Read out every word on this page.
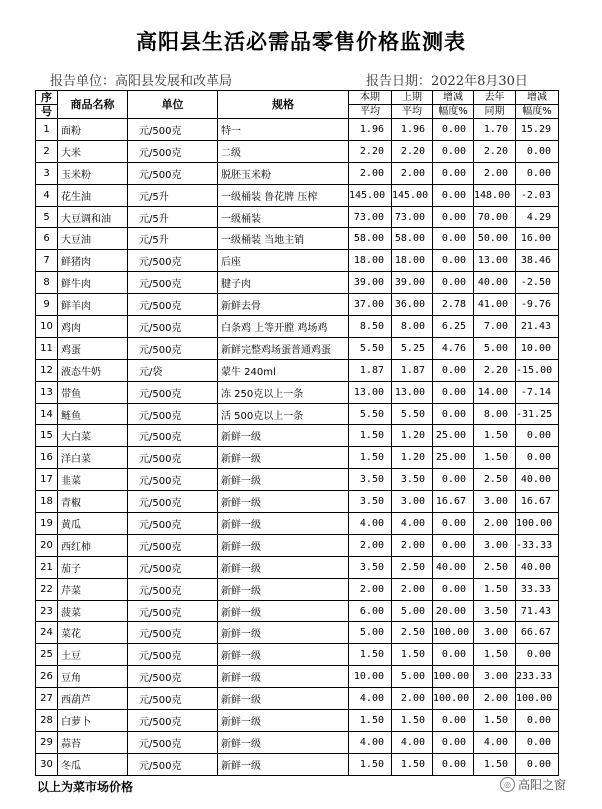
高阳县生活必需品零售价格监测表
报告单位：高阳县发展和改革局	报告日期：2022年8月30日
序	商品名称	单位	规格	本期	上期	增减	去年	增减
号				平均	平均	幅度%	同期	幅度%
1	面粉	元/500克	特一	1.96	1.96	0.00	1.70	15.29
2	大米	元/500克	二级	2.20	2.20	0.00	2.20	0.00
3	玉米粉	元/500克	脱胚玉米粉	2.00	2.00	0.00	2.00	0.00
4	花生油	元/5升	一级桶装 鲁花牌 压榨	145.00	145.00	0.00	148.00	-2.03
5	大豆调和油	元/5升	一级桶装	73.00	73.00	0.00	70.00	4.29
6	大豆油	元/5升	一级桶装 当地主销	58.00	58.00	0.00	50.00	16.00
7	鲜猪肉	元/500克	后座	18.00	18.00	0.00	13.00	38.46
8	鲜牛肉	元/500克	腱子肉	39.00	39.00	0.00	40.00	-2.50
9	鲜羊肉	元/500克	新鲜去骨	37.00	36.00	2.78	41.00	-9.76
10	鸡肉	元/500克	白条鸡 上等开膛 鸡场鸡	8.50	8.00	6.25	7.00	21.43
11	鸡蛋	元/500克	新鲜完整鸡场蛋普通鸡蛋	5.50	5.25	4.76	5.00	10.00
12	液态牛奶	元/袋	蒙牛 240ml	1.87	1.87	0.00	2.20	-15.00
13	带鱼	元/500克	冻 250克以上一条	13.00	13.00	0.00	14.00	-7.14
14	鲢鱼	元/500克	活 500克以上一条	5.50	5.50	0.00	8.00	-31.25
15	大白菜	元/500克	新鲜一级	1.50	1.20	25.00	1.50	0.00
16	洋白菜	元/500克	新鲜一级	1.50	1.20	25.00	1.50	0.00
17	韭菜	元/500克	新鲜一级	3.50	3.50	0.00	2.50	40.00
18	青椒	元/500克	新鲜一级	3.50	3.00	16.67	3.00	16.67
19	黄瓜	元/500克	新鲜一级	4.00	4.00	0.00	2.00	100.00
20	西红柿	元/500克	新鲜一级	2.00	2.00	0.00	3.00	-33.33
21	茄子	元/500克	新鲜一级	3.50	2.50	40.00	2.50	40.00
22	芹菜	元/500克	新鲜一级	2.00	2.00	0.00	1.50	33.33
23	菠菜	元/500克	新鲜一级	6.00	5.00	20.00	3.50	71.43
24	菜花	元/500克	新鲜一级	5.00	2.50	100.00	3.00	66.67
25	土豆	元/500克	新鲜一级	1.50	1.50	0.00	1.50	0.00
26	豆角	元/500克	新鲜一级	10.00	5.00	100.00	3.00	233.33
27	西葫芦	元/500克	新鲜一级	4.00	2.00	100.00	2.00	100.00
28	白萝卜	元/500克	新鲜一级	1.50	1.50	0.00	1.50	0.00
29	蒜苔	元/500克	新鲜一级	4.00	4.00	0.00	4.00	0.00
30	冬瓜	元/500克	新鲜一级	1.50	1.50	0.00	1.50	0.00
以上为菜市场价格	◎ 高阳之窗
